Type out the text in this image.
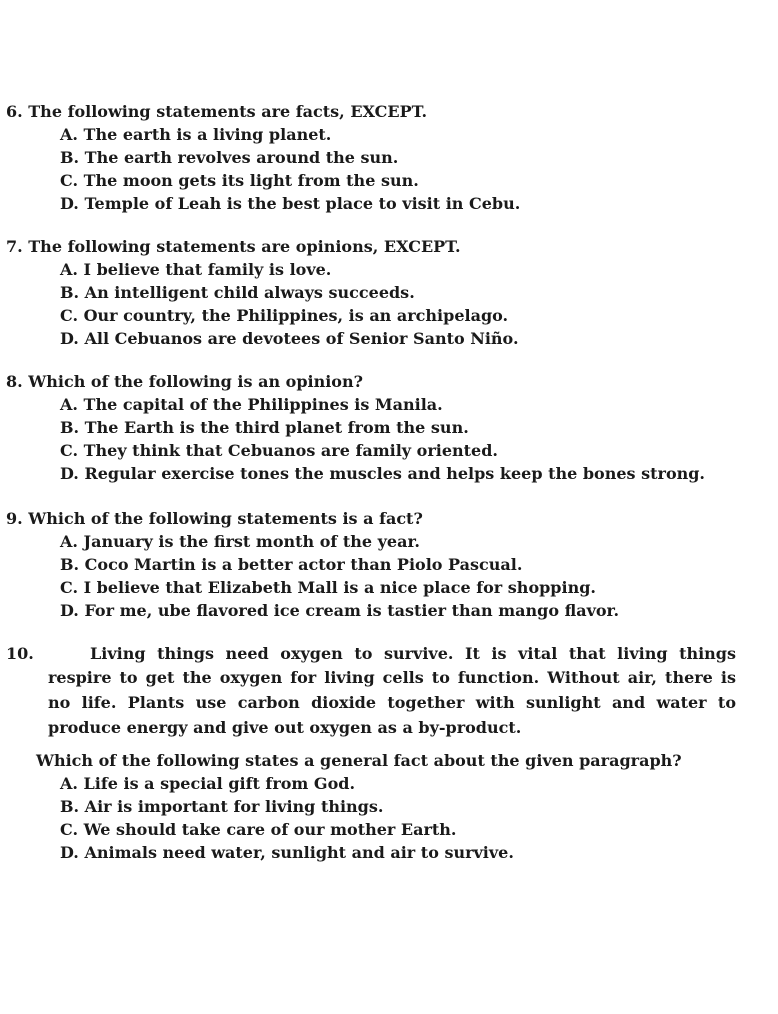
6. The following statements are facts, EXCEPT.
A. The earth is a living planet.
B. The earth revolves around the sun.
C. The moon gets its light from the sun.
D. Temple of Leah is the best place to visit in Cebu.
7. The following statements are opinions, EXCEPT.
A. I believe that family is love.
B. An intelligent child always succeeds.
C. Our country, the Philippines, is an archipelago.
D. All Cebuanos are devotees of Senior Santo Niño.
8. Which of the following is an opinion?
A. The capital of the Philippines is Manila.
B. The Earth is the third planet from the sun.
C. They think that Cebuanos are family oriented.
D. Regular exercise tones the muscles and helps keep the bones strong.
9. Which of the following statements is a fact?
A. January is the first month of the year.
B. Coco Martin is a better actor than Piolo Pascual.
C. I believe that Elizabeth Mall is a nice place for shopping.
D. For me, ube flavored ice cream is tastier than mango flavor.
10.	Living things need oxygen to survive. It is vital that living things
respire to get the oxygen for living cells to function. Without air, there is
no life. Plants use carbon dioxide together with sunlight and water to
produce energy and give out oxygen as a by-product.
Which of the following states a general fact about the given paragraph?
A. Life is a special gift from God.
B. Air is important for living things.
C. We should take care of our mother Earth.
D. Animals need water, sunlight and air to survive.
